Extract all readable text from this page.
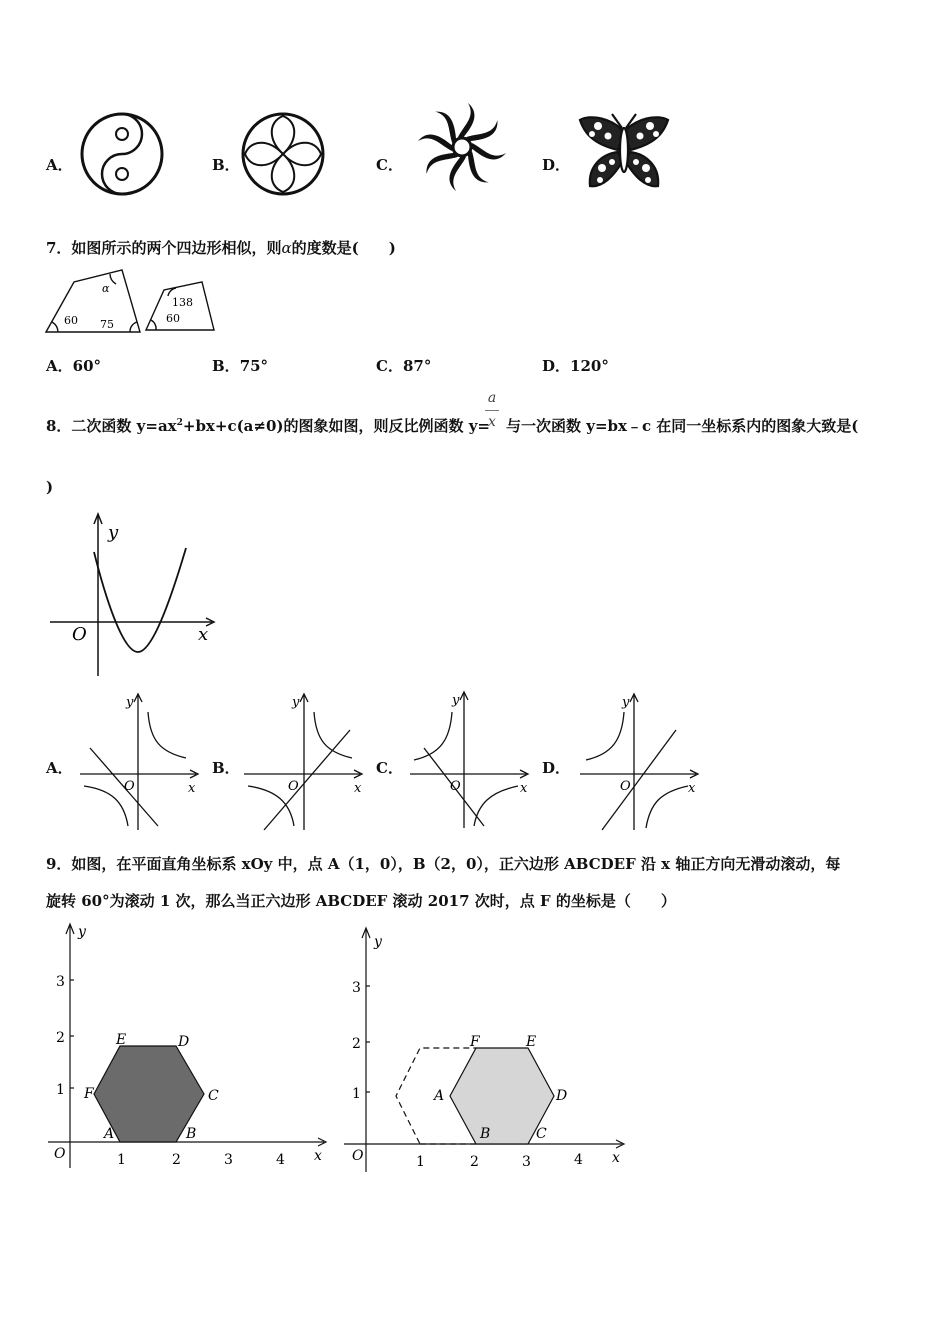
A．	B．	C．	D．
7．如图所示的两个四边形相似，则α的度数是(　　)
α
60 75
138
60
A．60°	B．75°	C．87°	D．120°
8．二次函数 $y=ax^2+bx+c(a\ne 0)$的图象如图，则反比例函数 y= 与一次函数 y=bx﹣c 在同一坐标系内的图象大致是(
a
x
)
y
x
O
A．
y
x
O
B．
y
x
O
C．
y
x
O
D．
y
x
O
9．如图，在平面直角坐标系 xOy 中，点 A（1，0），B（2，0），正六边形 ABCDEF 沿 x 轴正方向无滑动滚动，每
旋转 60°为滚动 1 次，那么当正六边形 ABCDEF 滚动 2017 次时，点 F 的坐标是（　　）
y
x
O	1	2	3	4
1
2
3
A	B
C
D
E
F
y
x
O	1	2	3	4
1
2
3
A
B	C
D
E
F
